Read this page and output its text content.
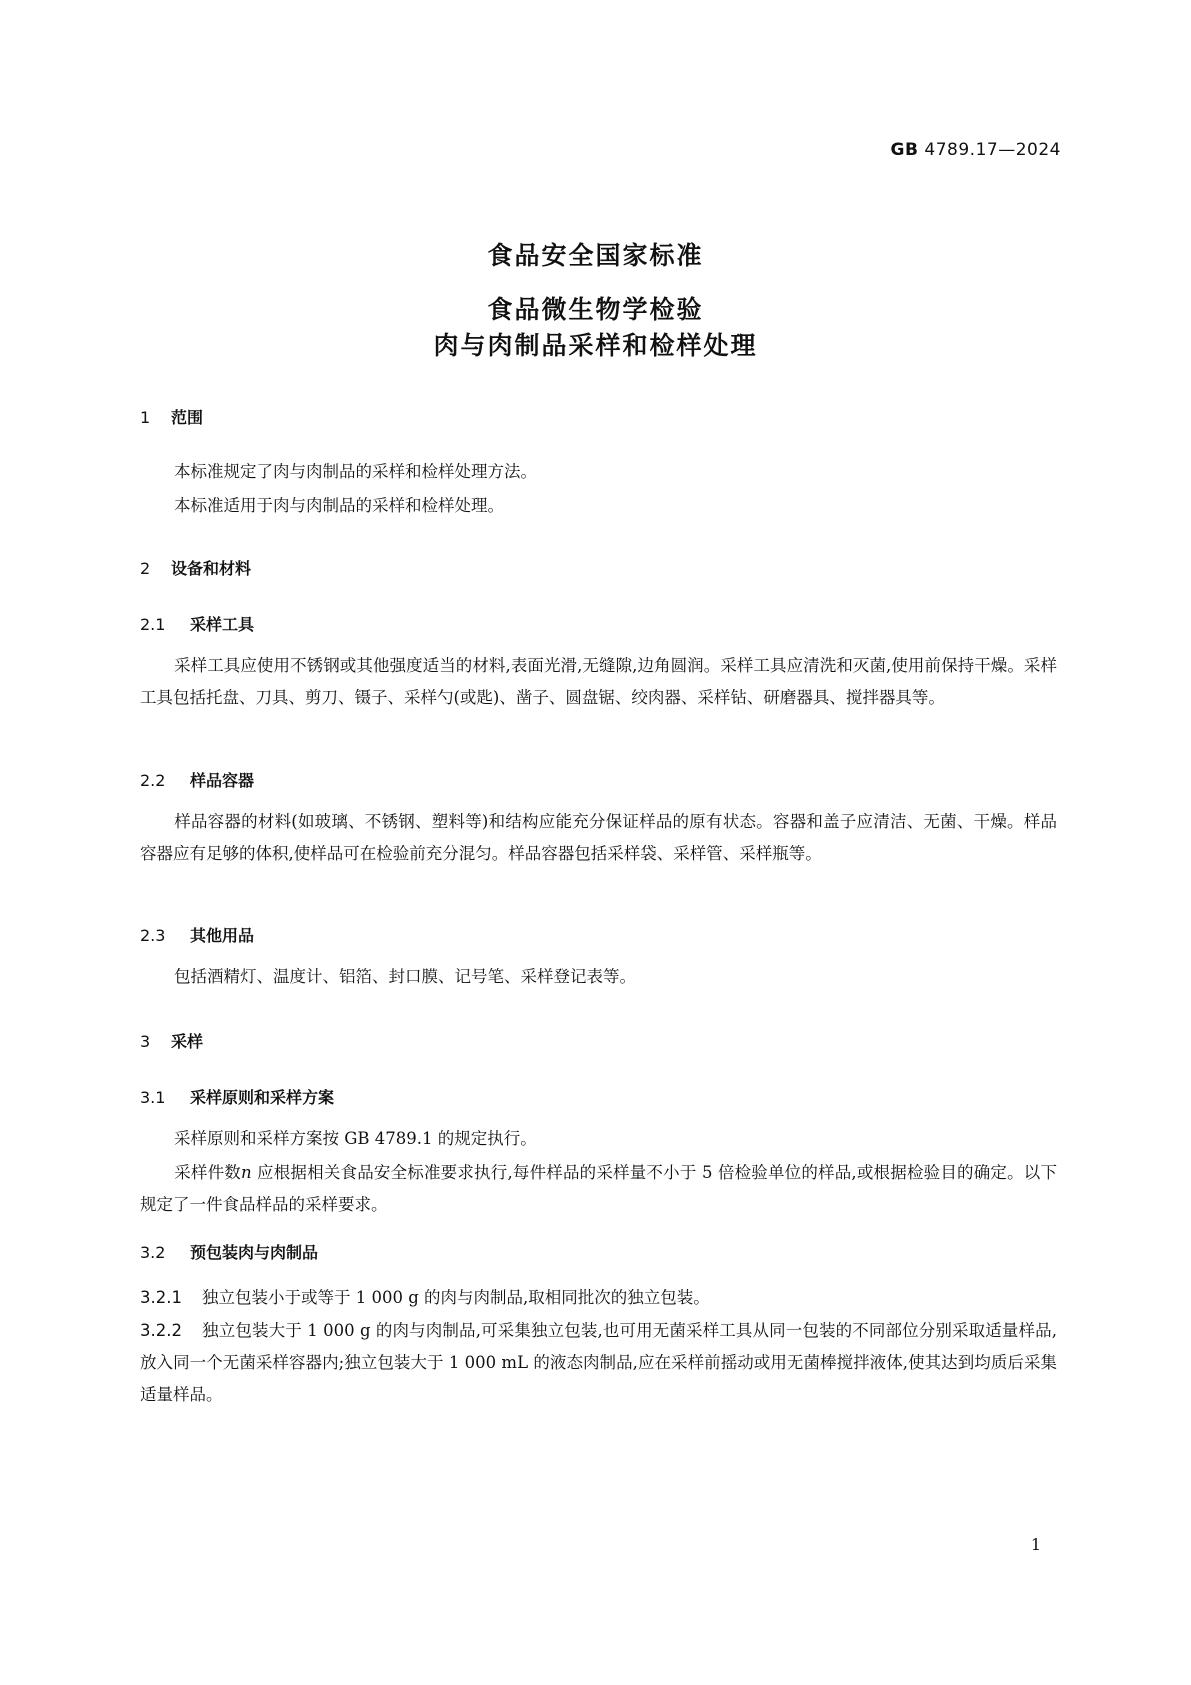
GB 4789.17—2024
食品安全国家标准
食品微生物学检验
肉与肉制品采样和检样处理
1 范围
本标准规定了肉与肉制品的采样和检样处理方法。
本标准适用于肉与肉制品的采样和检样处理。
2 设备和材料
2.1 采样工具
采样工具应使用不锈钢或其他强度适当的材料,表面光滑,无缝隙,边角圆润。采样工具应清洗和灭菌,使用前保持干燥。采样工具包括托盘、刀具、剪刀、镊子、采样勺(或匙)、凿子、圆盘锯、绞肉器、采样钻、研磨器具、搅拌器具等。
2.2 样品容器
样品容器的材料(如玻璃、不锈钢、塑料等)和结构应能充分保证样品的原有状态。容器和盖子应清洁、无菌、干燥。样品容器应有足够的体积,使样品可在检验前充分混匀。样品容器包括采样袋、采样管、采样瓶等。
2.3 其他用品
包括酒精灯、温度计、铝箔、封口膜、记号笔、采样登记表等。
3 采样
3.1 采样原则和采样方案
采样原则和采样方案按 GB 4789.1 的规定执行。
采样件数n 应根据相关食品安全标准要求执行,每件样品的采样量不小于 5 倍检验单位的样品,或根据检验目的确定。以下规定了一件食品样品的采样要求。
3.2 预包装肉与肉制品
3.2.1 独立包装小于或等于 1 000 g 的肉与肉制品,取相同批次的独立包装。
3.2.2 独立包装大于 1 000 g 的肉与肉制品,可采集独立包装,也可用无菌采样工具从同一包装的不同部位分别采取适量样品,放入同一个无菌采样容器内;独立包装大于 1 000 mL 的液态肉制品,应在采样前摇动或用无菌棒搅拌液体,使其达到均质后采集适量样品。
1
